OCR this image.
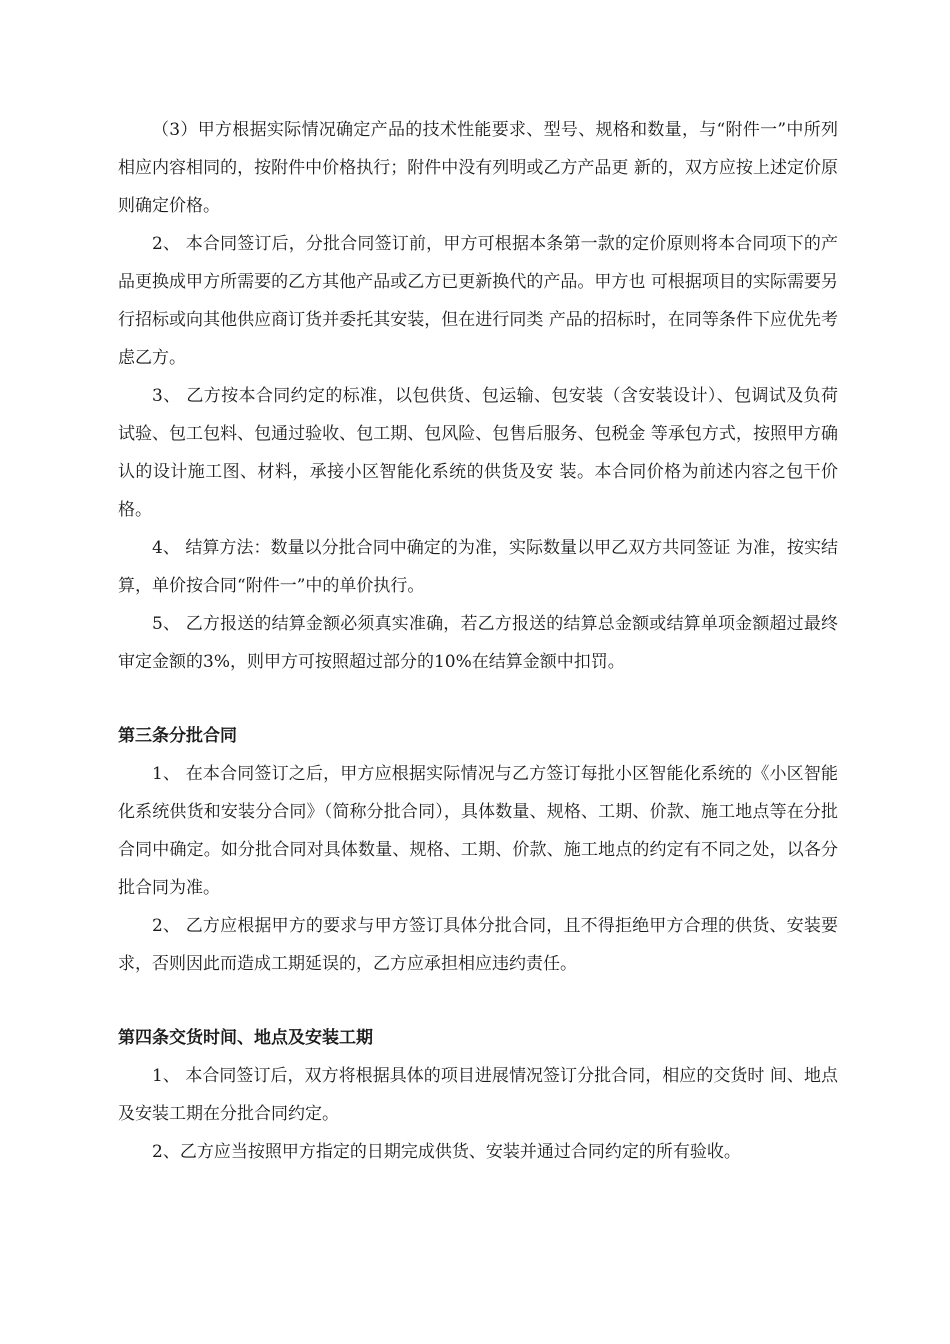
（3）甲方根据实际情况确定产品的技术性能要求、型号、规格和数量，与“附件一”中所列相应内容相同的，按附件中价格执行；附件中没有列明或乙方产品更 新的，双方应按上述定价原则确定价格。

2、 本合同签订后，分批合同签订前，甲方可根据本条第一款的定价原则将本合同项下的产品更换成甲方所需要的乙方其他产品或乙方已更新换代的产品。甲方也 可根据项目的实际需要另行招标或向其他供应商订货并委托其安装，但在进行同类 产品的招标时，在同等条件下应优先考虑乙方。

3、 乙方按本合同约定的标准，以包供货、包运输、包安装（含安装设计）、包调试及负荷试验、包工包料、包通过验收、包工期、包风险、包售后服务、包税金 等承包方式，按照甲方确认的设计施工图、材料，承接小区智能化系统的供货及安 装。本合同价格为前述内容之包干价格。

4、 结算方法：数量以分批合同中确定的为准，实际数量以甲乙双方共同签证 为准，按实结算，单价按合同“附件一”中的单价执行。

5、 乙方报送的结算金额必须真实准确，若乙方报送的结算总金额或结算单项金额超过最终审定金额的3%，则甲方可按照超过部分的10%在结算金额中扣罚。

第三条分批合同

1、 在本合同签订之后，甲方应根据实际情况与乙方签订每批小区智能化系统的《小区智能化系统供货和安装分合同》（简称分批合同），具体数量、规格、工期、价款、施工地点等在分批合同中确定。如分批合同对具体数量、规格、工期、价款、施工地点的约定有不同之处，以各分批合同为准。

2、 乙方应根据甲方的要求与甲方签订具体分批合同，且不得拒绝甲方合理的供货、安装要求，否则因此而造成工期延误的，乙方应承担相应违约责任。

第四条交货时间、地点及安装工期

1、 本合同签订后，双方将根据具体的项目进展情况签订分批合同，相应的交货时 间、地点及安装工期在分批合同约定。

2、乙方应当按照甲方指定的日期完成供货、安装并通过合同约定的所有验收。
